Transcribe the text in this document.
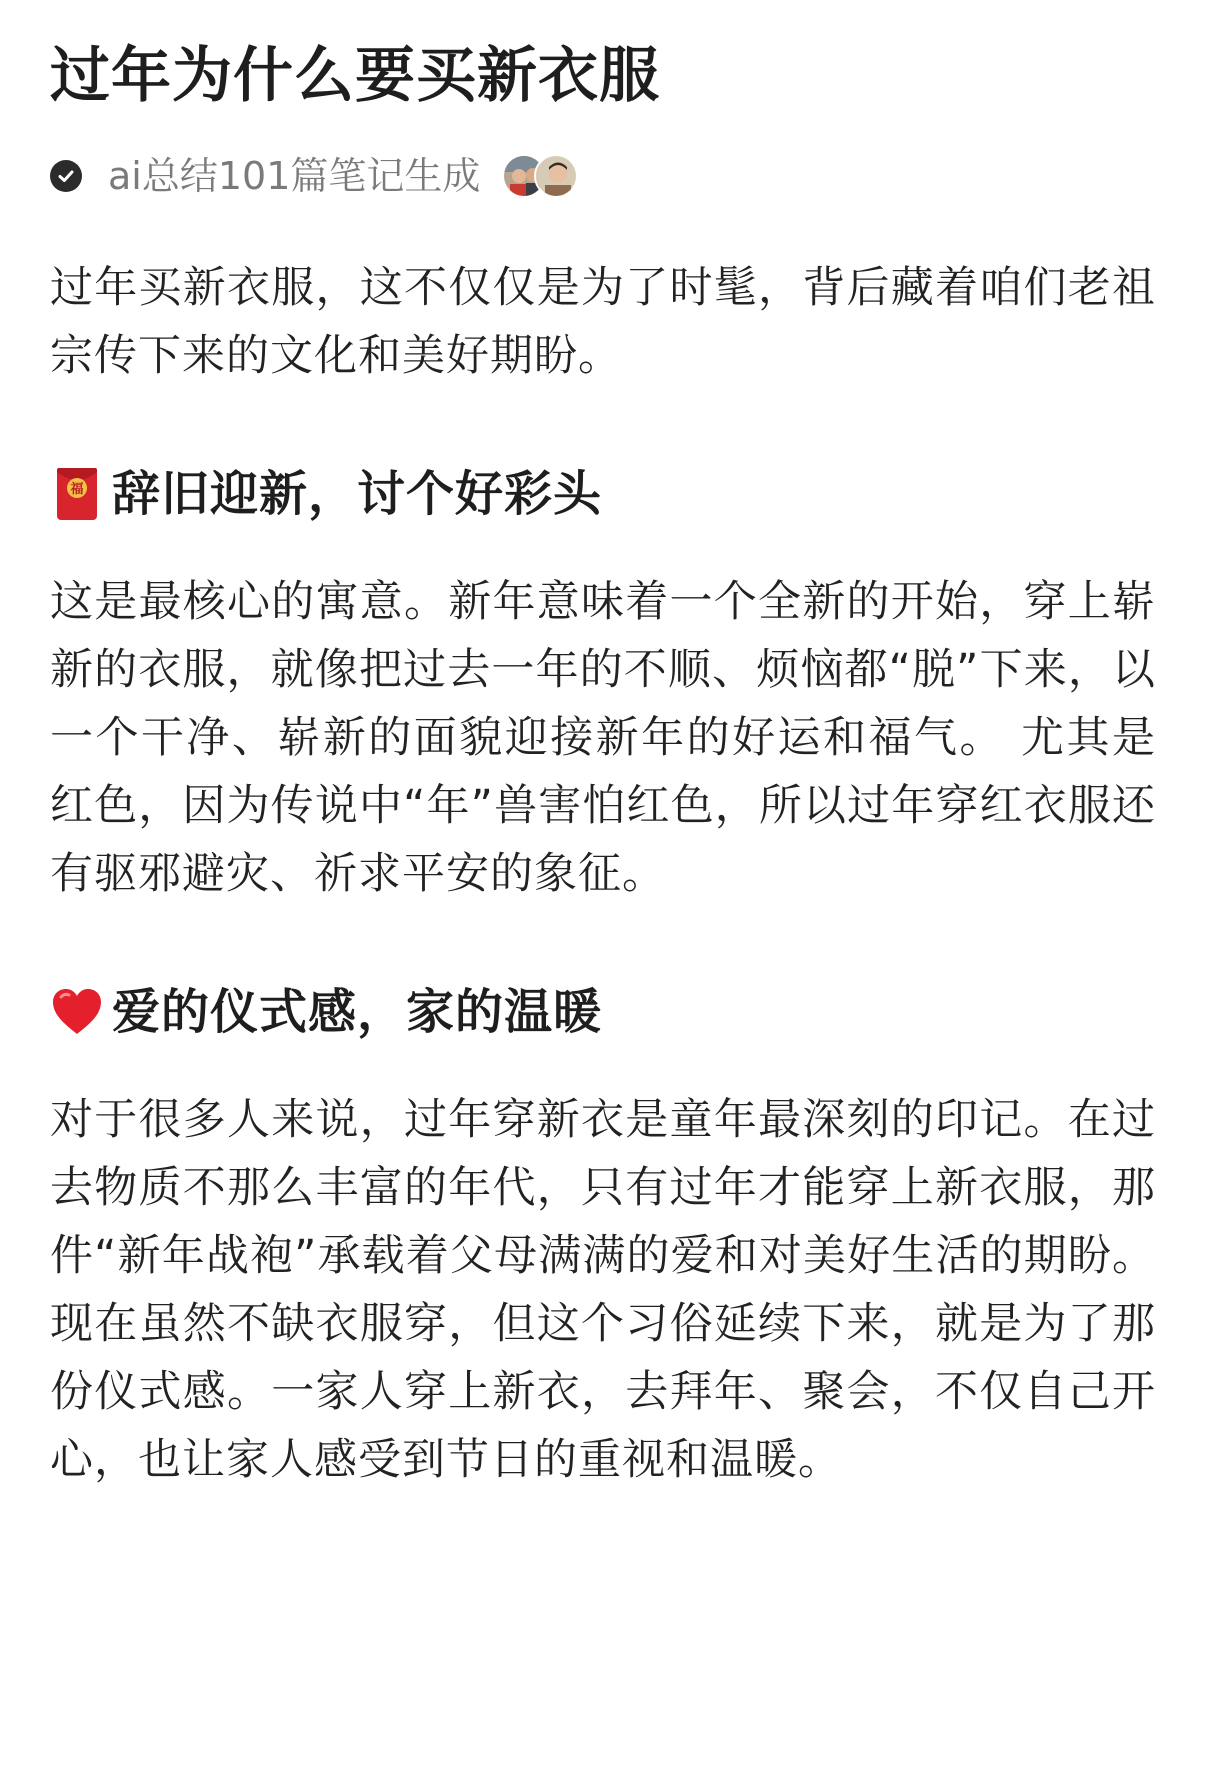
过年为什么要买新衣服
ai总结101篇笔记生成

过年买新衣服，这不仅仅是为了时髦，背后藏着咱们老祖宗传下来的文化和美好期盼。

福 辞旧迎新，讨个好彩头

这是最核心的寓意。新年意味着一个全新的开始，穿上崭新的衣服，就像把过去一年的不顺、烦恼都“脱”下来，以一个干净、崭新的面貌迎接新年的好运和福气。 尤其是红色，因为传说中“年”兽害怕红色，所以过年穿红衣服还有驱邪避灾、祈求平安的象征。

爱的仪式感，家的温暖

对于很多人来说，过年穿新衣是童年最深刻的印记。在过去物质不那么丰富的年代，只有过年才能穿上新衣服，那件“新年战袍”承载着父母满满的爱和对美好生活的期盼。 现在虽然不缺衣服穿，但这个习俗延续下来，就是为了那份仪式感。一家人穿上新衣，去拜年、聚会，不仅自己开心，也让家人感受到节日的重视和温暖。
